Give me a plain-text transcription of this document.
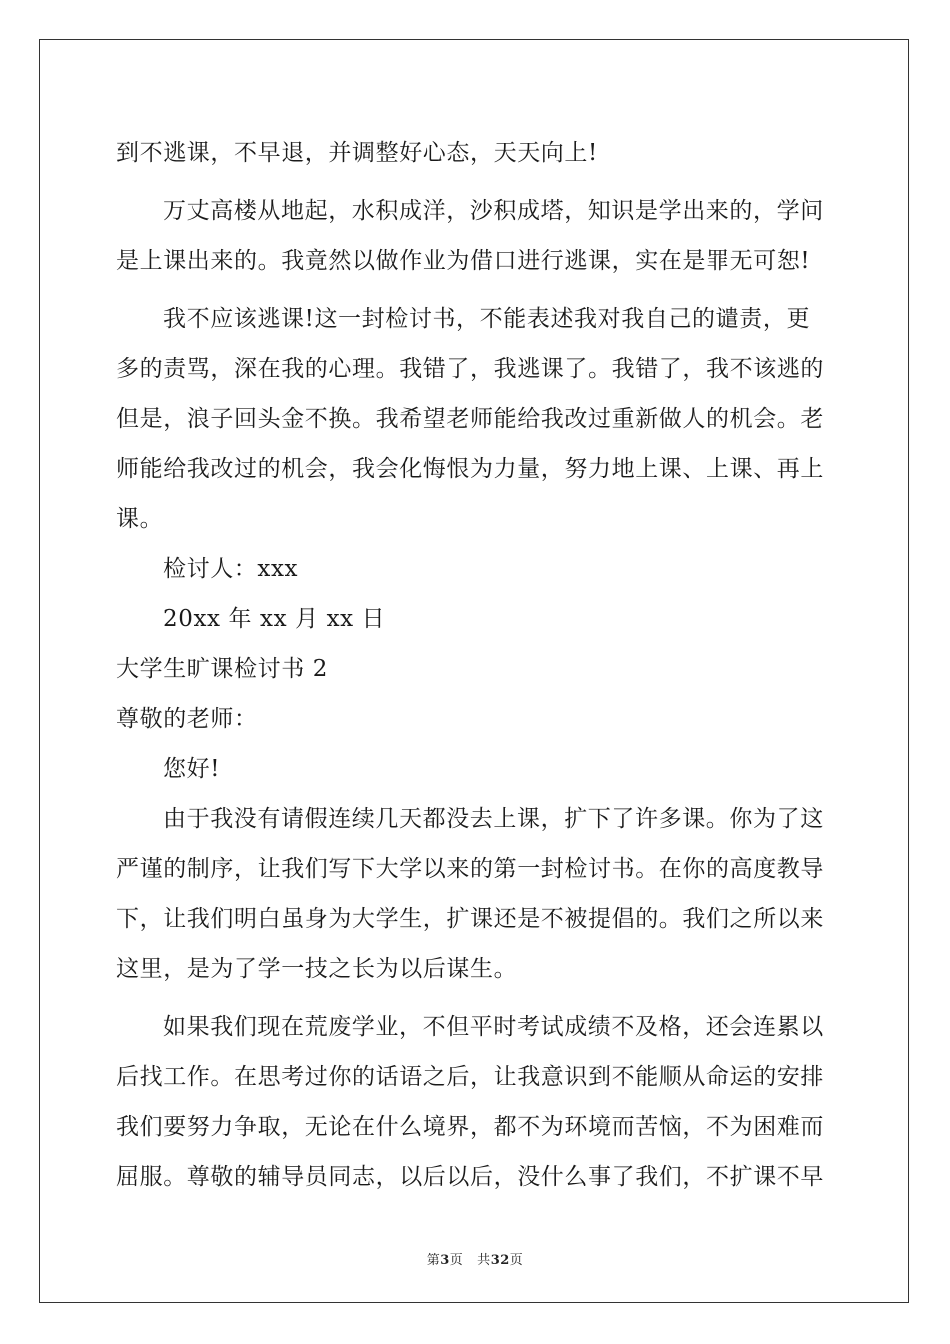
到不逃课，不早退，并调整好心态，天天向上!
万丈高楼从地起，水积成洋，沙积成塔，知识是学出来的，学问
是上课出来的。我竟然以做作业为借口进行逃课，实在是罪无可恕!
我不应该逃课!这一封检讨书，不能表述我对我自己的谴责，更
多的责骂，深在我的心理。我错了，我逃课了。我错了，我不该逃的
但是，浪子回头金不换。我希望老师能给我改过重新做人的机会。老
师能给我改过的机会，我会化悔恨为力量，努力地上课、上课、再上
课。
检讨人：xxx
20xx 年 xx 月 xx 日
大学生旷课检讨书 2
尊敬的老师：
您好!
由于我没有请假连续几天都没去上课，扩下了许多课。你为了这
严谨的制序，让我们写下大学以来的第一封检讨书。在你的高度教导
下，让我们明白虽身为大学生，扩课还是不被提倡的。我们之所以来
这里，是为了学一技之长为以后谋生。
如果我们现在荒废学业，不但平时考试成绩不及格，还会连累以
后找工作。在思考过你的话语之后，让我意识到不能顺从命运的安排
我们要努力争取，无论在什么境界，都不为环境而苦恼，不为困难而
屈服。尊敬的辅导员同志，以后以后，没什么事了我们，不扩课不早
第3页 共32页
